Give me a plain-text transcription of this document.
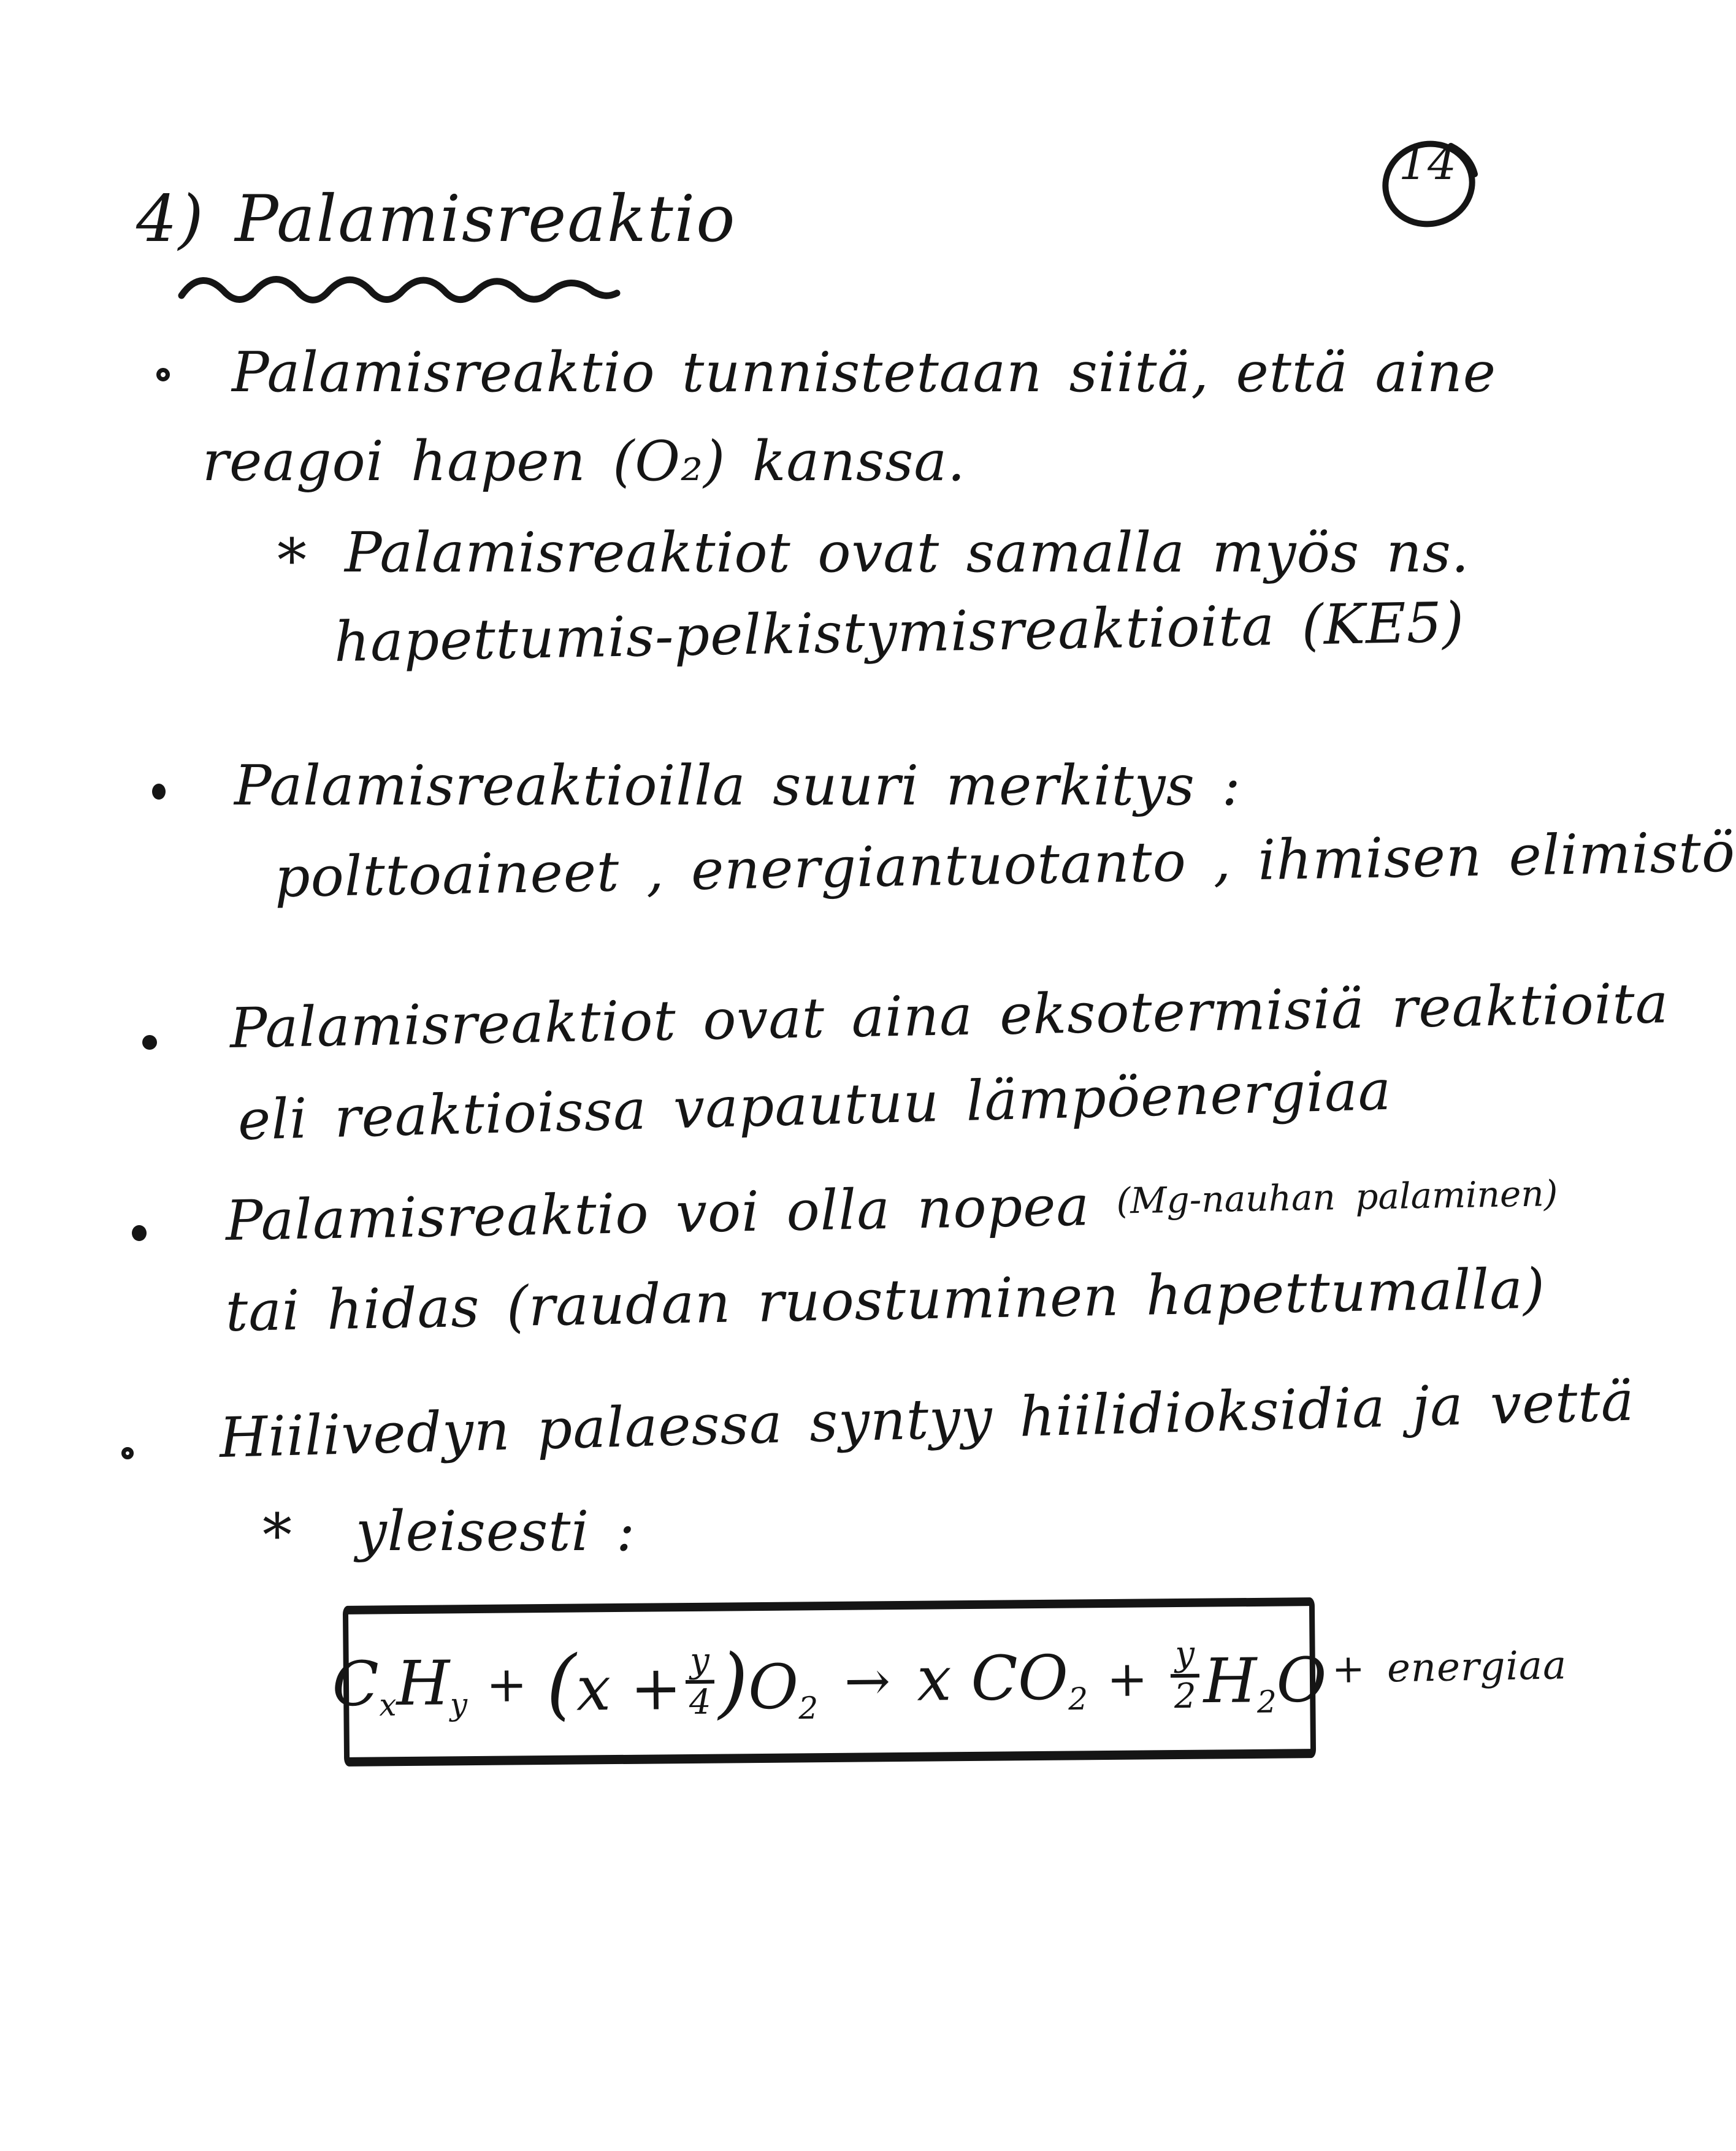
14
4) Palamisreaktio
Palamisreaktio tunnistetaan siitä, että aine
reagoi hapen (O₂) kanssa.
* Palamisreaktiot ovat samalla myös ns.
hapettumis-pelkistymisreaktioita (KE5)
Palamisreaktioilla suuri merkitys :
polttoaineet , energiantuotanto , ihmisen elimistö
Palamisreaktiot ovat aina eksotermisiä reaktioita
eli reaktioissa vapautuu lämpöenergiaa
Palamisreaktio voi olla nopea $^{(Mg-nauhan palaminen)}$
tai hidas (raudan ruostuminen hapettumalla)
Hiilivedyn palaessa syntyy hiilidioksidia ja vettä
* yleisesti :
$C_xH_y + (x + \frac{y}{4} )O_2 \to x$ $CO_2 + \frac{y}{2} H_2O$ + energiaa
